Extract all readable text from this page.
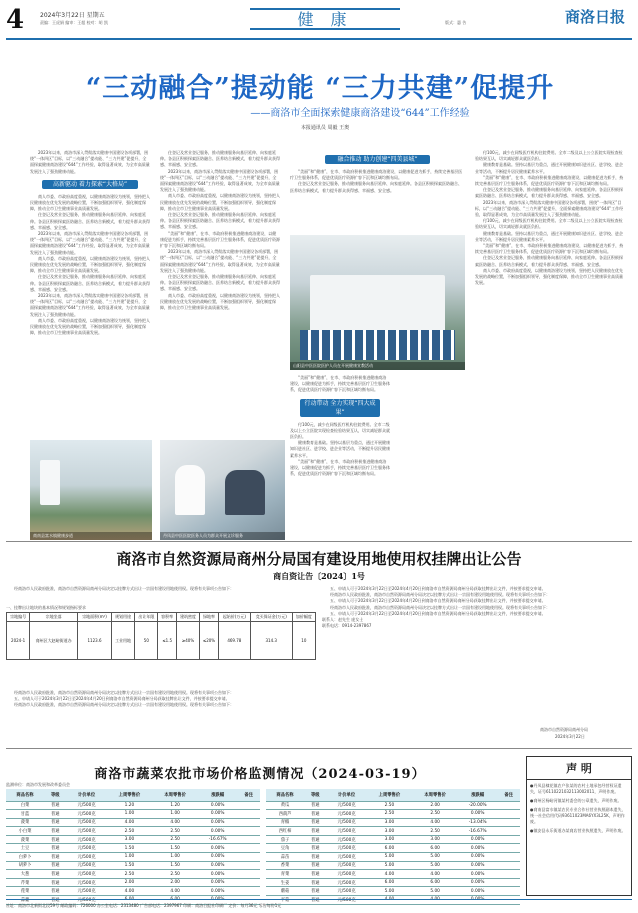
4	2024年3月22日 星期五
责编：王虎娟 编审：王超 校对：胡 凯	健 康	版式：惠 告	商洛日报
“三动融合”提动能 “三力共建”促提升
——商洛市全面探索健康商洛建设“644”工作经验
本报通讯员 周毅 王奥

2023年以来，商洛市深入贯彻落实健康中国建设各项部署，围绕“一体四区”目标，以“三动融合”提动能、“三力共建”促提升，全面探索健康商洛建设“644”工作经验，取得显著成效，为全市高质量发展注入了强劲健康动能。

高新驱动 着力探索“大格局”

商人市委、市政府高度重视，以健康商洛建设为统领，坚持把人民健康放在优先发展的战略位置，不断加强组织领导，强化制度保障，推动全市卫生健康事业高质量发展。

住登记及营业登记服务，推动健康服务向基层延伸、向家庭延伸。各县区积极探索医防融合、医养结合新模式，着力提升群众获得感、幸福感、安全感。

2023年以来，商洛市深入贯彻落实健康中国建设各项部署，围绕“一体四区”目标，以“三动融合”提动能、“三力共建”促提升，全面探索健康商洛建设“644”工作经验，取得显著成效，为全市高质量发展注入了强劲健康动能。

商人市委、市政府高度重视，以健康商洛建设为统领，坚持把人民健康放在优先发展的战略位置，不断加强组织领导，强化制度保障，推动全市卫生健康事业高质量发展。

住登记及营业登记服务，推动健康服务向基层延伸、向家庭延伸。各县区积极探索医防融合、医养结合新模式，着力提升群众获得感、幸福感、安全感。

2023年以来，商洛市深入贯彻落实健康中国建设各项部署，围绕“一体四区”目标，以“三动融合”提动能、“三力共建”促提升，全面探索健康商洛建设“644”工作经验，取得显著成效，为全市高质量发展注入了强劲健康动能。

商人市委、市政府高度重视，以健康商洛建设为统领，坚持把人民健康放在优先发展的战略位置，不断加强组织领导，强化制度保障，推动全市卫生健康事业高质量发展。

住登记及营业登记服务，推动健康服务向基层延伸、向家庭延伸。各县区积极探索医防融合、医养结合新模式，着力提升群众获得感、幸福感、安全感。

2023年以来，商洛市深入贯彻落实健康中国建设各项部署，围绕“一体四区”目标，以“三动融合”提动能、“三力共建”促提升，全面探索健康商洛建设“644”工作经验，取得显著成效，为全市高质量发展注入了强劲健康动能。

商人市委、市政府高度重视，以健康商洛建设为统领，坚持把人民健康放在优先发展的战略位置，不断加强组织领导，强化制度保障，推动全市卫生健康事业高质量发展。

住登记及营业登记服务，推动健康服务向基层延伸、向家庭延伸。各县区积极探索医防融合、医养结合新模式，着力提升群众获得感、幸福感、安全感。

“美丽”和“健康”，在市、市政府积极推进健康商洛建设，以健康促进为抓手，持续完善基层医疗卫生服务体系，促进优质医疗资源扩容下沉和区域均衡布局。

2023年以来，商洛市深入贯彻落实健康中国建设各项部署，围绕“一体四区”目标，以“三动融合”提动能、“三力共建”促提升，全面探索健康商洛建设“644”工作经验，取得显著成效，为全市高质量发展注入了强劲健康动能。

住登记及营业登记服务，推动健康服务向基层延伸、向家庭延伸。各县区积极探索医防融合、医养结合新模式，着力提升群众获得感、幸福感、安全感。

商人市委、市政府高度重视，以健康商洛建设为统领，坚持把人民健康放在优先发展的战略位置，不断加强组织领导，强化制度保障，推动全市卫生健康事业高质量发展。

融合推动 助力创建“四美县城”

“美丽”和“健康”，在市、市政府积极推进健康商洛建设，以健康促进为抓手，持续完善基层医疗卫生服务体系，促进优质医疗资源扩容下沉和区域均衡布局。

住登记及营业登记服务，推动健康服务向基层延伸、向家庭延伸。各县区积极探索医防融合、医养结合新模式，着力提升群众获得感、幸福感、安全感。

山阳县中医医院医护人员在开展健康宣教活动

“美丽”和“健康”，在市、市政府积极推进健康商洛建设，以健康促进为抓手，持续完善基层医疗卫生服务体系，促进优质医疗资源扩容下沉和区域均衡布局。

行动带动 全力实现“四大成果”

付100元，减少在同级医疗机构住院费用。全市二级及以上公立医院实现检查检验结果互认，切实减轻群众就医负担。

健康教育是基础。坚持以基层为重点，通过开展健康知识进社区、进学校、进企业等活动，不断提升居民健康素养水平。

“美丽”和“健康”，在市、市政府积极推进健康商洛建设，以健康促进为抓手，持续完善基层医疗卫生服务体系，促进优质医疗资源扩容下沉和区域均衡布局。

付100元，减少在同级医疗机构住院费用。全市二级及以上公立医院实现检查检验结果互认，切实减轻群众就医负担。

健康教育是基础。坚持以基层为重点，通过开展健康知识进社区、进学校、进企业等活动，不断提升居民健康素养水平。

“美丽”和“健康”，在市、市政府积极推进健康商洛建设，以健康促进为抓手，持续完善基层医疗卫生服务体系，促进优质医疗资源扩容下沉和区域均衡布局。

住登记及营业登记服务，推动健康服务向基层延伸、向家庭延伸。各县区积极探索医防融合、医养结合新模式，着力提升群众获得感、幸福感、安全感。

2023年以来，商洛市深入贯彻落实健康中国建设各项部署，围绕“一体四区”目标，以“三动融合”提动能、“三力共建”促提升，全面探索健康商洛建设“644”工作经验，取得显著成效，为全市高质量发展注入了强劲健康动能。

付100元，减少在同级医疗机构住院费用。全市二级及以上公立医院实现检查检验结果互认，切实减轻群众就医负担。

健康教育是基础。坚持以基层为重点，通过开展健康知识进社区、进学校、进企业等活动，不断提升居民健康素养水平。

“美丽”和“健康”，在市、市政府积极推进健康商洛建设，以健康促进为抓手，持续完善基层医疗卫生服务体系，促进优质医疗资源扩容下沉和区域均衡布局。

住登记及营业登记服务，推动健康服务向基层延伸、向家庭延伸。各县区积极探索医防融合、医养结合新模式，着力提升群众获得感、幸福感、安全感。

商人市委、市政府高度重视，以健康商洛建设为统领，坚持把人民健康放在优先发展的战略位置，不断加强组织领导，强化制度保障，推动全市卫生健康事业高质量发展。

商南县富水镇健康步道	丹凤县中医医院医务人员为群众开展义诊服务
商洛市自然资源局商州分局国有建设用地使用权挂牌出让公告
商自资让告〔2024〕1号

经商洛市人民政府批准，商洛市自然资源局商州分局决定以挂牌方式出让一宗国有建设用地使用权。现将有关事项公告如下：

一、挂牌出让地块的基本情况和规划指标要求
宗地编号	宗地坐落	宗地面积(m²)	规划用途	出让年限	容积率	建筑密度	绿地率	起始价(万元)	竞买保证金(万元)	加价幅度
2024-1	商州区大赵峪街道办	1123.6	工业用地	50	≤1.5	≥40%	≤20%	469.78	314.3	10

经商洛市人民政府批准，商洛市自然资源局商州分局决定以挂牌方式出让一宗国有建设用地使用权。现将有关事项公告如下：

五、申请人可于2024年3月22日至2024年4月20日到商洛市自然资源局商州分局获取挂牌出让文件，并按要求提交申请。

经商洛市人民政府批准，商洛市自然资源局商州分局决定以挂牌方式出让一宗国有建设用地使用权。现将有关事项公告如下：

五、申请人可于2024年3月22日至2024年4月20日到商洛市自然资源局商州分局获取挂牌出让文件，并按要求提交申请。

经商洛市人民政府批准，商洛市自然资源局商州分局决定以挂牌方式出让一宗国有建设用地使用权。现将有关事项公告如下：

五、申请人可于2024年3月22日至2024年4月20日到商洛市自然资源局商州分局获取挂牌出让文件，并按要求提交申请。

经商洛市人民政府批准，商洛市自然资源局商州分局决定以挂牌方式出让一宗国有建设用地使用权。现将有关事项公告如下：

五、申请人可于2024年3月22日至2024年4月20日到商洛市自然资源局商州分局获取挂牌出让文件，并按要求提交申请。

联系人：赵先生 庞女士

联系电话：0914-2397867

商洛市自然资源局商州分局
2024年3月22日
商洛市蔬菜农批市场价格监测情况（2024-03-19）
监测单位：商洛市发展和改革委员会
商品名称	等级	计价单位	上周零售价	本周零售价	涨跌幅	备注
白菜	普通	元/500克	1.20	1.20	0.00%	
甘蓝	普通	元/500克	1.00	1.00	0.00%	
菠菜	普通	元/500克	4.00	4.00	0.00%	
小白菜	普通	元/500克	2.50	2.50	0.00%	
菠菜	普通	元/500克	3.00	2.50	-16.67%	
土豆	普通	元/500克	1.50	1.50	0.00%	
白萝卜	普通	元/500克	1.00	1.00	0.00%	
胡萝卜	普通	元/500克	1.50	1.50	0.00%	
大葱	普通	元/500克	2.50	2.50	0.00%	
芹菜	普通	元/500克	2.00	2.00	0.00%	
莲菜	普通	元/500克	4.00	4.00	0.00%	
蒜薹	普通	元/500克	6.00	6.00	0.00%	
商品名称	等级	计价单位	上周零售价	本周零售价	涨跌幅	备注
黄瓜	普通	元/500克	2.50	2.00	-20.00%	
西葫芦	普通	元/500克	2.50	2.50	0.00%	
青椒	普通	元/500克	3.00	4.00	-13.04%	
西红柿	普通	元/500克	3.00	2.50	-16.67%	
茄子	普通	元/500克	3.00	3.00	0.00%	
豆角	普通	元/500克	6.00	6.00	0.00%	
蒜苗	普通	元/500克	5.00	5.00	0.00%	
香菜	普通	元/500克	5.00	5.00	0.00%	
青菜	普通	元/500克	4.00	4.00	0.00%	
生姜	普通	元/500克	6.00	6.00	0.00%	
蘑菇	普通	元/500克	5.00	5.00	0.00%	
平菇	普通	元/500克	4.00	4.00	0.00%	
声 明

●丹凤县棣花镇农户张某的农村土地承包经营权证遗失，证号6110221032113002011，声明作废。

●商州区杨峪河镇某村委会的公章遗失，声明作废。

●商南县富水镇某农民专业合作社营业执照副本遗失，统一社会信用代码93611023MA6YX3L25K，声明作废。

●镇安县永乐街道办某商店营业执照遗失，声明作废。

社址：商洛市北新街北段59号 邮政编码：726000 办公室电话：2313480 广告部电话：2397967 印刷：商洛日报社印刷厂 定价：每月36元 零售每份1元
